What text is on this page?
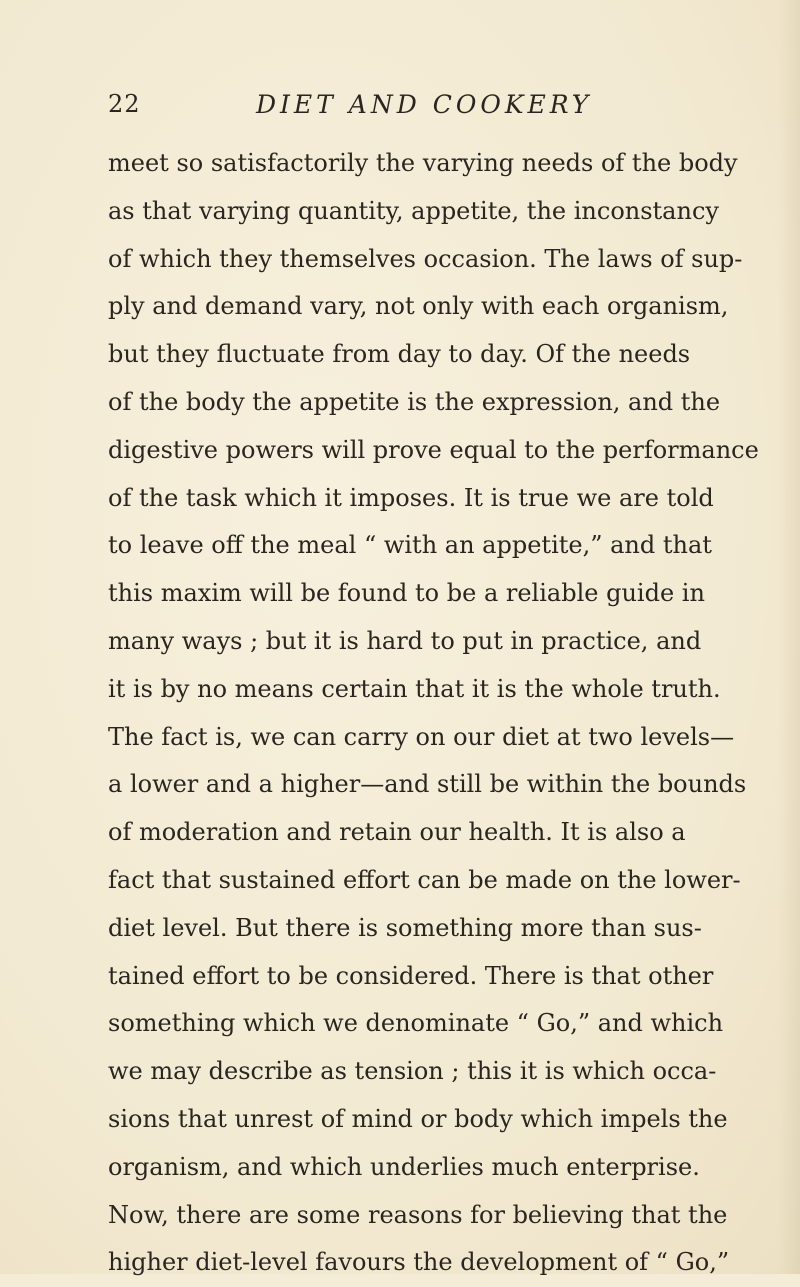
22	DIET AND COOKERY
meet so satisfactorily the varying needs of the body
as that varying quantity, appetite, the inconstancy
of which they themselves occasion. The laws of sup-
ply and demand vary, not only with each organism,
but they fluctuate from day to day. Of the needs
of the body the appetite is the expression, and the
digestive powers will prove equal to the performance
of the task which it imposes. It is true we are told
to leave off the meal “ with an appetite,” and that
this maxim will be found to be a reliable guide in
many ways ; but it is hard to put in practice, and
it is by no means certain that it is the whole truth.
The fact is, we can carry on our diet at two levels—
a lower and a higher—and still be within the bounds
of moderation and retain our health. It is also a
fact that sustained effort can be made on the lower-
diet level. But there is something more than sus-
tained effort to be considered. There is that other
something which we denominate “ Go,” and which
we may describe as tension ; this it is which occa-
sions that unrest of mind or body which impels the
organism, and which underlies much enterprise.
Now, there are some reasons for believing that the
higher diet-level favours the development of “ Go,”
